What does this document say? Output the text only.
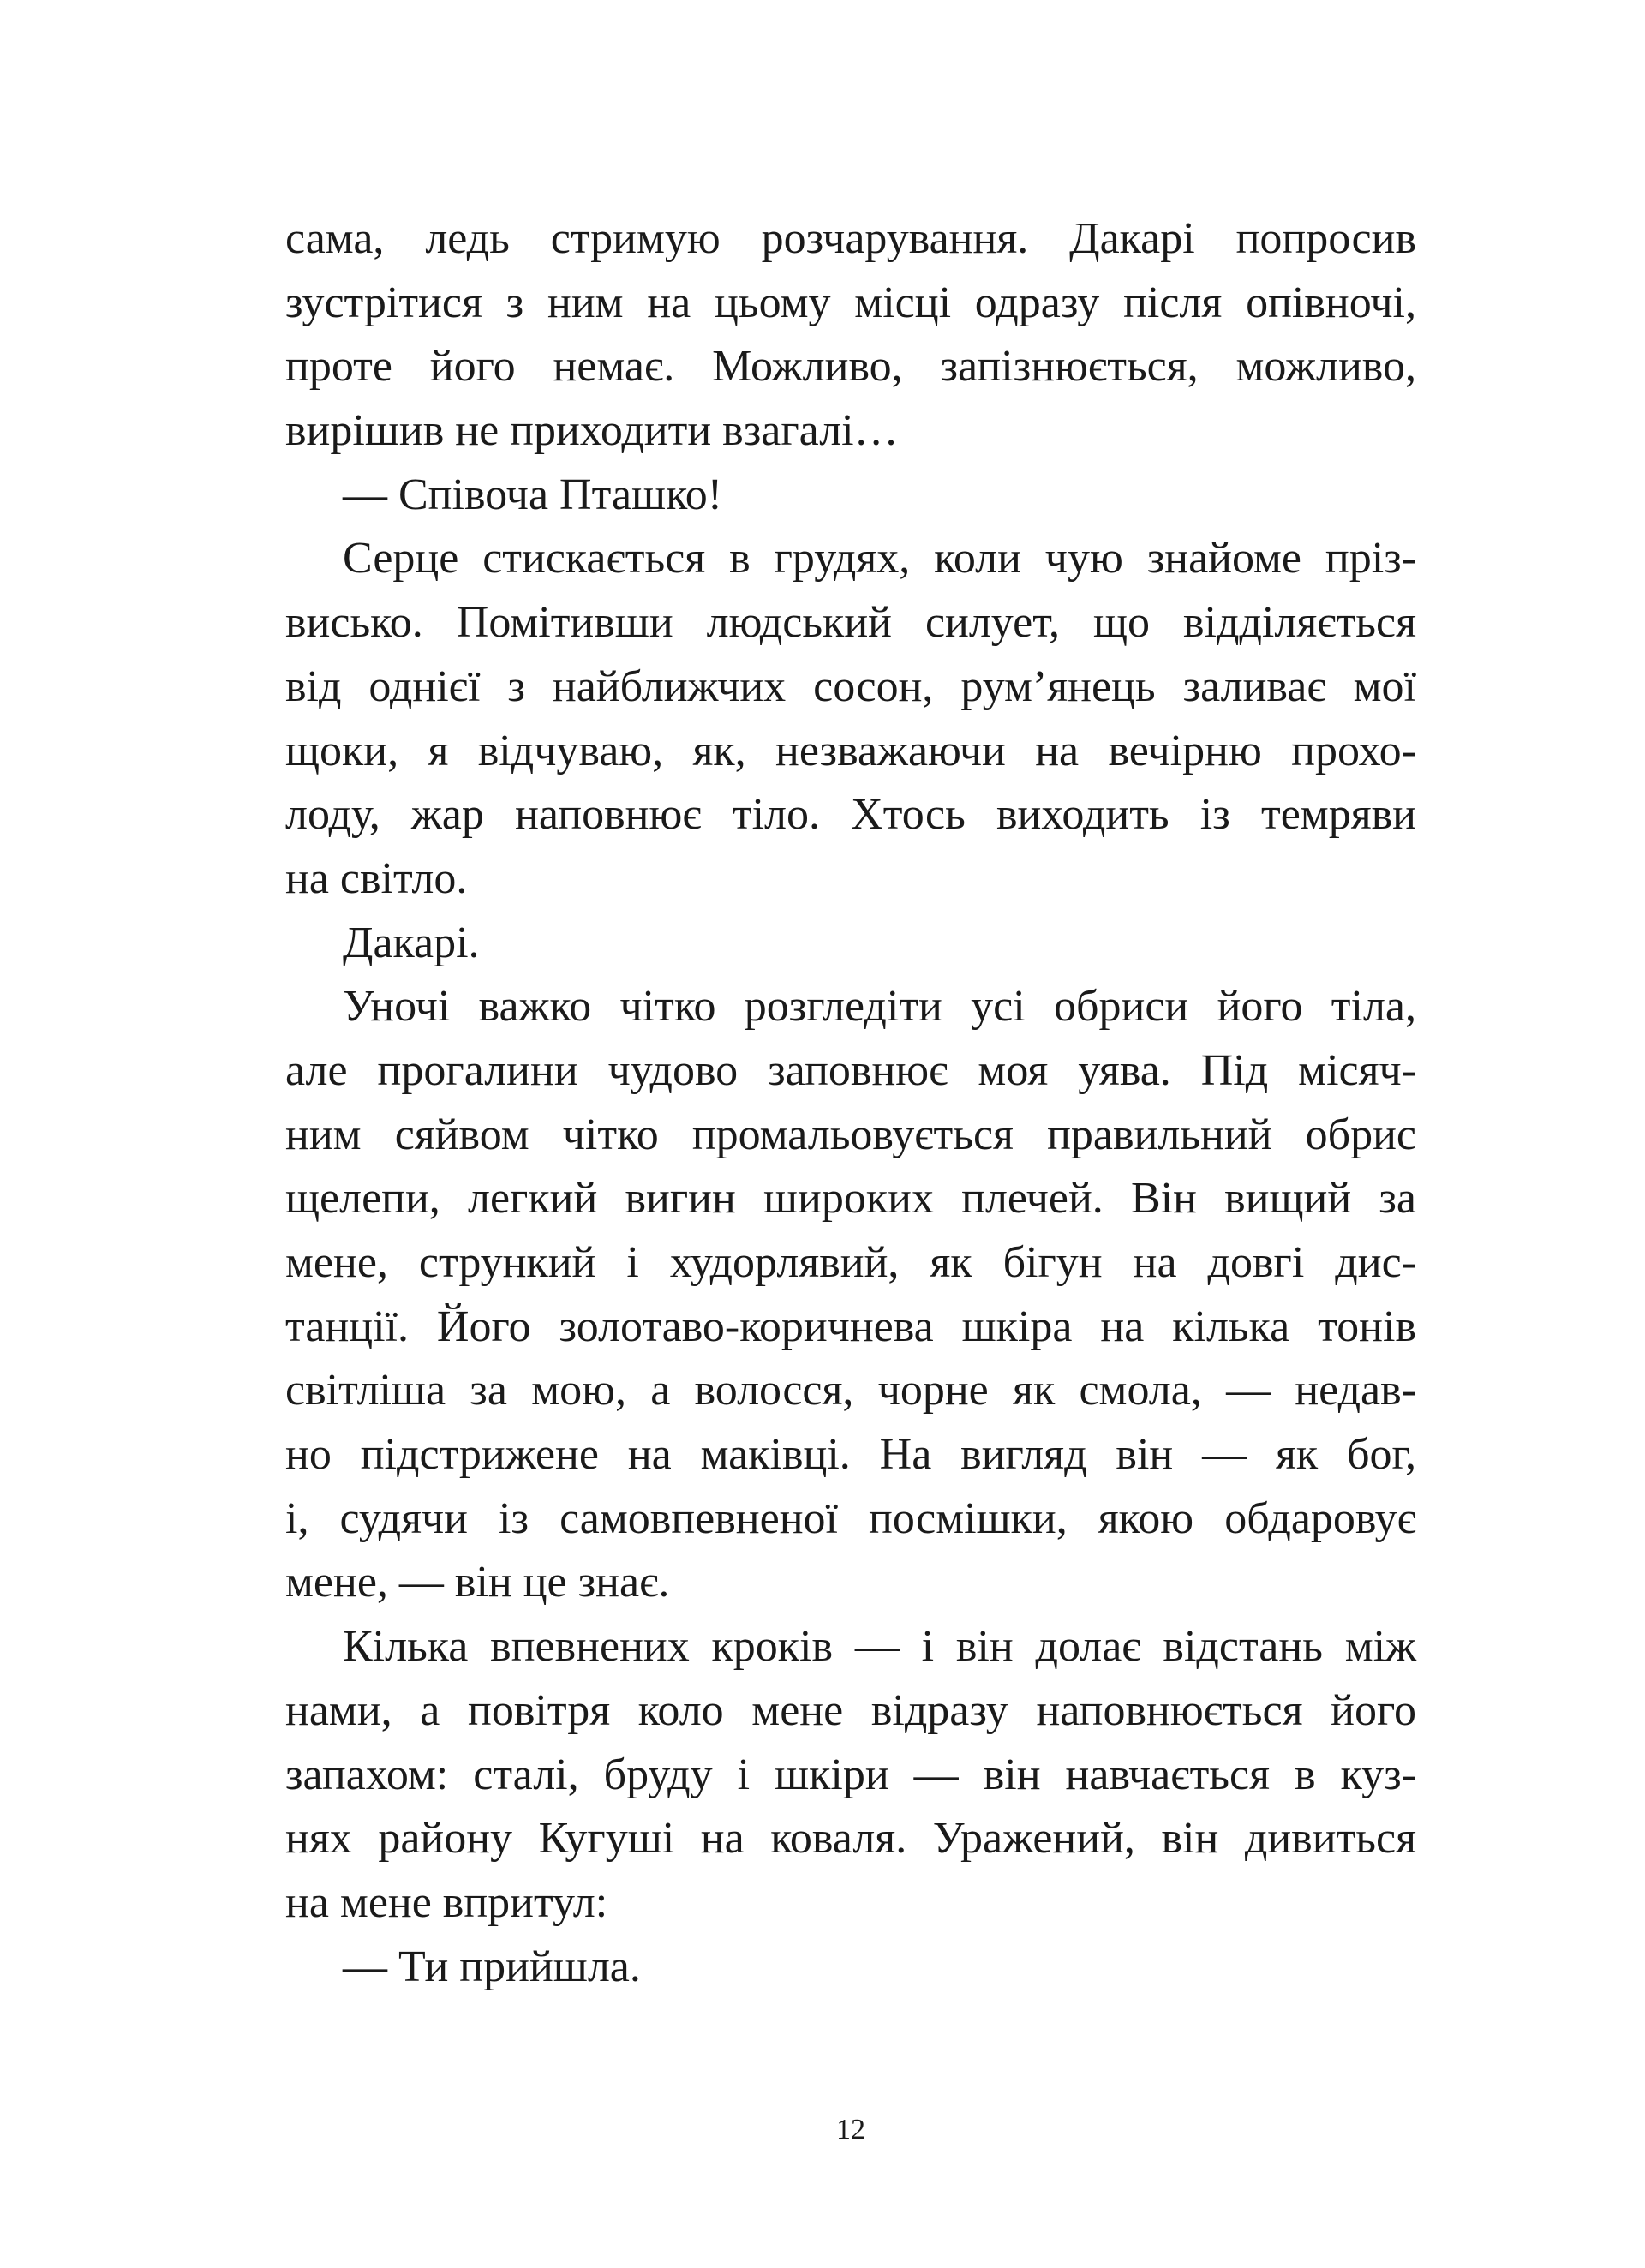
сама, ледь стримую розчарування. Дакарі попросив
зустрітися з ним на цьому місці одразу після опівночі,
проте його немає. Можливо, запізнюється, можливо,
вирішив не приходити взагалі…
— Співоча Пташко!
Серце стискається в грудях, коли чую знайоме пріз-
висько. Помітивши людський силует, що відділяється
від однієї з найближчих сосон, рум’янець заливає мої
щоки, я відчуваю, як, незважаючи на вечірню прохо-
лоду, жар наповнює тіло. Хтось виходить із темряви
на світло.
Дакарі.
Уночі важко чітко розгледіти усі обриси його тіла,
але прогалини чудово заповнює моя уява. Під місяч-
ним сяйвом чітко промальовується правильний обрис
щелепи, легкий вигин широких плечей. Він вищий за
мене, стрункий і худорлявий, як бігун на довгі дис-
танції. Його золотаво-коричнева шкіра на кілька тонів
світліша за мою, а волосся, чорне як смола, — недав-
но підстрижене на маківці. На вигляд він — як бог,
і, судячи із самовпевненої посмішки, якою обдаровує
мене, — він це знає.
Кілька впевнених кроків — і він долає відстань між
нами, а повітря коло мене відразу наповнюється його
запахом: сталі, бруду і шкіри — він навчається в куз-
нях району Кугуші на коваля. Уражений, він дивиться
на мене впритул:
— Ти прийшла.
12
